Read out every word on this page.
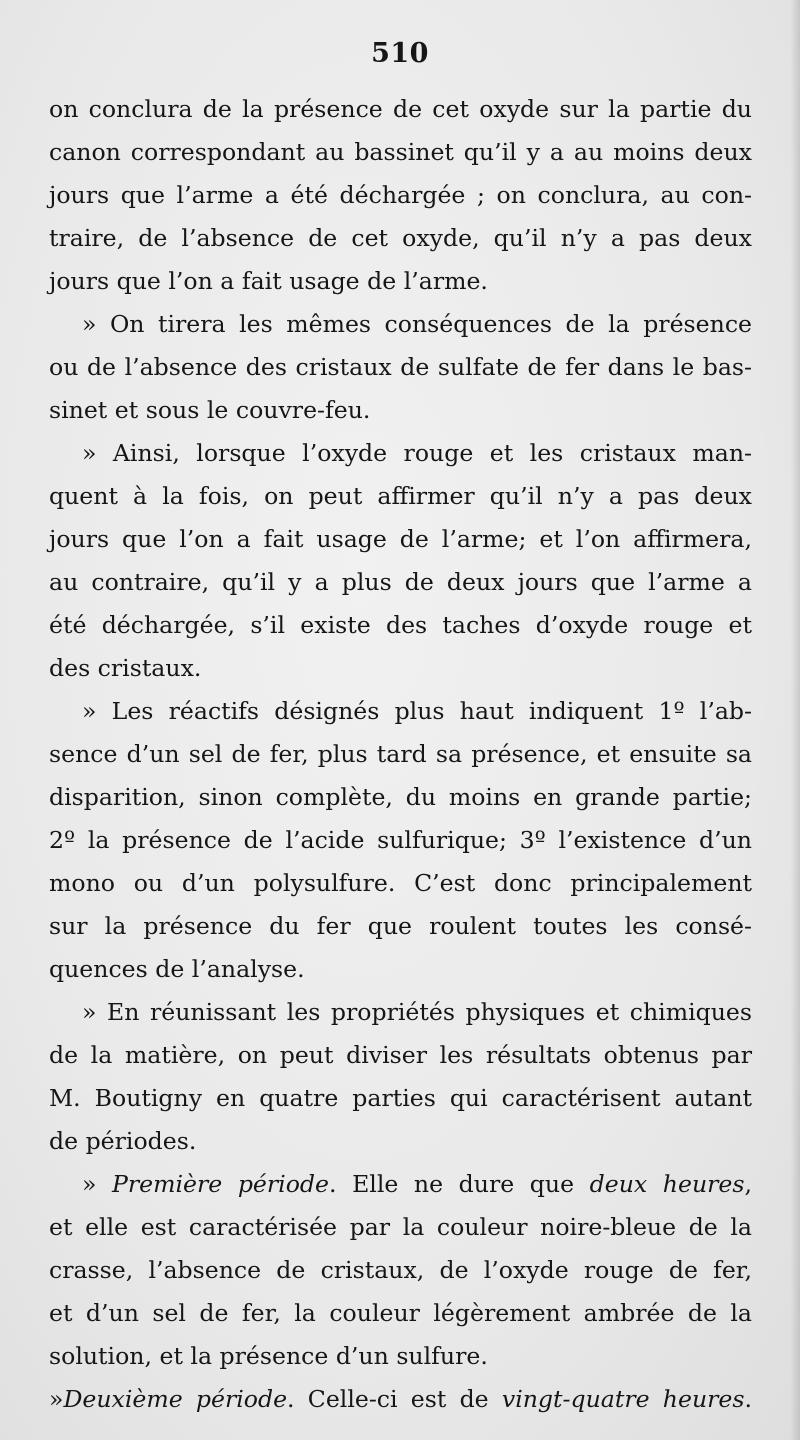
510
on conclura de la présence de cet oxyde sur la partie du
canon correspondant au bassinet qu’il y a au moins deux
jours que l’arme a été déchargée ; on conclura, au con-
traire, de l’absence de cet oxyde, qu’il n’y a pas deux
jours que l’on a fait usage de l’arme.
» On tirera les mêmes conséquences de la présence
ou de l’absence des cristaux de sulfate de fer dans le bas-
sinet et sous le couvre-feu.
» Ainsi, lorsque l’oxyde rouge et les cristaux man-
quent à la fois, on peut affirmer qu’il n’y a pas deux
jours que l’on a fait usage de l’arme; et l’on affirmera,
au contraire, qu’il y a plus de deux jours que l’arme a
été déchargée, s’il existe des taches d’oxyde rouge et
des cristaux.
» Les réactifs désignés plus haut indiquent 1º l’ab-
sence d’un sel de fer, plus tard sa présence, et ensuite sa
disparition, sinon complète, du moins en grande partie;
2º la présence de l’acide sulfurique; 3º l’existence d’un
mono ou d’un polysulfure. C’est donc principalement
sur la présence du fer que roulent toutes les consé-
quences de l’analyse.
» En réunissant les propriétés physiques et chimiques
de la matière, on peut diviser les résultats obtenus par
M. Boutigny en quatre parties qui caractérisent autant
de périodes.
» Première période. Elle ne dure que deux heures,
et elle est caractérisée par la couleur noire-bleue de la
crasse, l’absence de cristaux, de l’oxyde rouge de fer,
et d’un sel de fer, la couleur légèrement ambrée de la
solution, et la présence d’un sulfure.
»Deuxième période. Celle-ci est de vingt-quatre heures.
